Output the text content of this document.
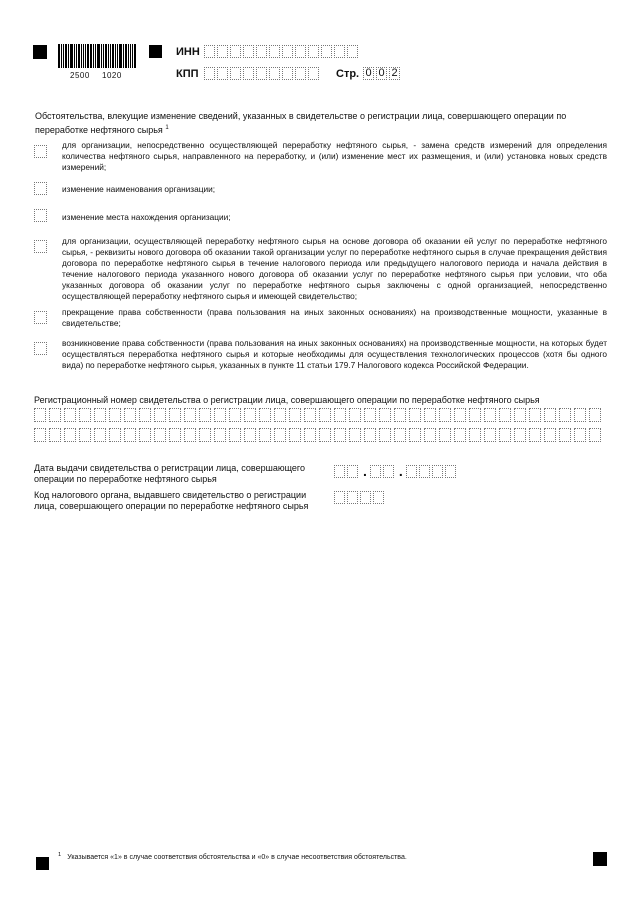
2500 1020
ИНН
КПП	Стр. 0 0 2
Обстоятельства, влекущие изменение сведений, указанных в свидетельстве о регистрации лица, совершающего операции по переработке нефтяного сырья $^1$
для организации, непосредственно осуществляющей переработку нефтяного сырья, - замена средств измерений для определения количества нефтяного сырья, направленного на переработку, и (или) изменение мест их размещения, и (или) установка новых средств измерений;
изменение наименования организации;
изменение места нахождения организации;
для организации, осуществляющей переработку нефтяного сырья на основе договора об оказании ей услуг по переработке нефтяного сырья, - реквизиты нового договора об оказании такой организации услуг по переработке нефтяного сырья в случае прекращения действия договора по переработке нефтяного сырья в течение налогового периода или предыдущего налогового периода и начала действия в течение налогового периода указанного нового договора об оказании услуг по переработке нефтяного сырья при условии, что оба указанных договора об оказании услуг по переработке нефтяного сырья заключены с одной организацией, непосредственно осуществляющей переработку нефтяного сырья и имеющей свидетельство;
прекращение права собственности (права пользования на иных законных основаниях) на производственные мощности, указанные в свидетельстве;
возникновение права собственности (права пользования на иных законных основаниях) на производственные мощности, на которых будет осуществляться переработка нефтяного сырья и которые необходимы для осуществления технологических процессов (хотя бы одного вида) по переработке нефтяного сырья, указанных в пункте 11 статьи 179.7 Налогового кодекса Российской Федерации.
Регистрационный номер свидетельства о регистрации лица, совершающего операции по переработке нефтяного сырья
Дата выдачи свидетельства о регистрации лица, совершающего операции по переработке нефтяного сырья	. .
Код налогового органа, выдавшего свидетельство о регистрации лица, совершающего операции по переработке нефтяного сырья
$^1$ Указывается «1» в случае соответствия обстоятельства и «0» в случае несоответствия обстоятельства.
